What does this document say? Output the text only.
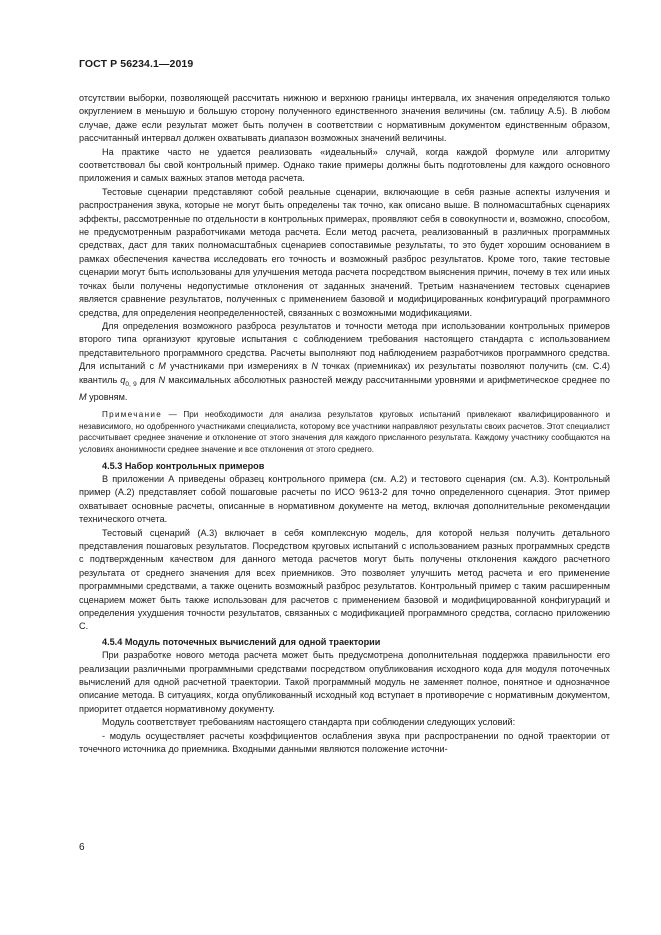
ГОСТ Р 56234.1—2019

отсутствии выборки, позволяющей рассчитать нижнюю и верхнюю границы интервала, их значения определяются только округлением в меньшую и большую сторону полученного единственного значения величины (см. таблицу А.5). В любом случае, даже если результат может быть получен в соответствии с нормативным документом единственным образом, рассчитанный интервал должен охватывать диапазон возможных значений величины.

На практике часто не удается реализовать «идеальный» случай, когда каждой формуле или алгоритму соответствовал бы свой контрольный пример. Однако такие примеры должны быть подготовлены для каждого основного приложения и самых важных этапов метода расчета.

Тестовые сценарии представляют собой реальные сценарии, включающие в себя разные аспекты излучения и распространения звука, которые не могут быть определены так точно, как описано выше. В полномасштабных сценариях эффекты, рассмотренные по отдельности в контрольных примерах, проявляют себя в совокупности и, возможно, способом, не предусмотренным разработчиками метода расчета. Если метод расчета, реализованный в различных программных средствах, даст для таких полномасштабных сценариев сопоставимые результаты, то это будет хорошим основанием в рамках обеспечения качества исследовать его точность и возможный разброс результатов. Кроме того, такие тестовые сценарии могут быть использованы для улучшения метода расчета посредством выяснения причин, почему в тех или иных точках были получены недопустимые отклонения от заданных значений. Третьим назначением тестовых сценариев является сравнение результатов, полученных с применением базовой и модифицированных конфигураций программного средства, для определения неопределенностей, связанных с возможными модификациями.

Для определения возможного разброса результатов и точности метода при использовании контрольных примеров второго типа организуют круговые испытания с соблюдением требования настоящего стандарта с использованием представительного программного средства. Расчеты выполняют под наблюдением разработчиков программного средства. Для испытаний с M участниками при измерениях в N точках (приемниках) их результаты позволяют получить (см. С.4) квантиль $q_{0, 9}$ для N максимальных абсолютных разностей между рассчитанными уровнями и арифметическое среднее по M уровням.

Примечание — При необходимости для анализа результатов круговых испытаний привлекают квалифицированного и независимого, но одобренного участниками специалиста, которому все участники направляют результаты своих расчетов. Этот специалист рассчитывает среднее значение и отклонение от этого значения для каждого присланного результата. Каждому участнику сообщаются на условиях анонимности среднее значение и все отклонения от этого среднего.

4.5.3 Набор контрольных примеров

В приложении А приведены образец контрольного примера (см. А.2) и тестового сценария (см. А.3). Контрольный пример (А.2) представляет собой пошаговые расчеты по ИСО 9613-2 для точно определенного сценария. Этот пример охватывает основные расчеты, описанные в нормативном документе на метод, включая дополнительные рекомендации технического отчета.

Тестовый сценарий (А.3) включает в себя комплексную модель, для которой нельзя получить детального представления пошаговых результатов. Посредством круговых испытаний с использованием разных программных средств с подтвержденным качеством для данного метода расчетов могут быть получены отклонения каждого расчетного результата от среднего значения для всех приемников. Это позволяет улучшить метод расчета и его применение программными средствами, а также оценить возможный разброс результатов. Контрольный пример с таким расширенным сценарием может быть также использован для расчетов с применением базовой и модифицированной конфигураций и определения ухудшения точности результатов, связанных с модификацией программного средства, согласно приложению С.

4.5.4 Модуль поточечных вычислений для одной траектории

При разработке нового метода расчета может быть предусмотрена дополнительная поддержка правильности его реализации различными программными средствами посредством опубликования исходного кода для модуля поточечных вычислений для одной расчетной траектории. Такой программный модуль не заменяет полное, понятное и однозначное описание метода. В ситуациях, когда опубликованный исходный код вступает в противоречие с нормативным документом, приоритет отдается нормативному документу.

Модуль соответствует требованиям настоящего стандарта при соблюдении следующих условий:

- модуль осуществляет расчеты коэффициентов ослабления звука при распространении по одной траектории от точечного источника до приемника. Входными данными являются положение источни-

6
